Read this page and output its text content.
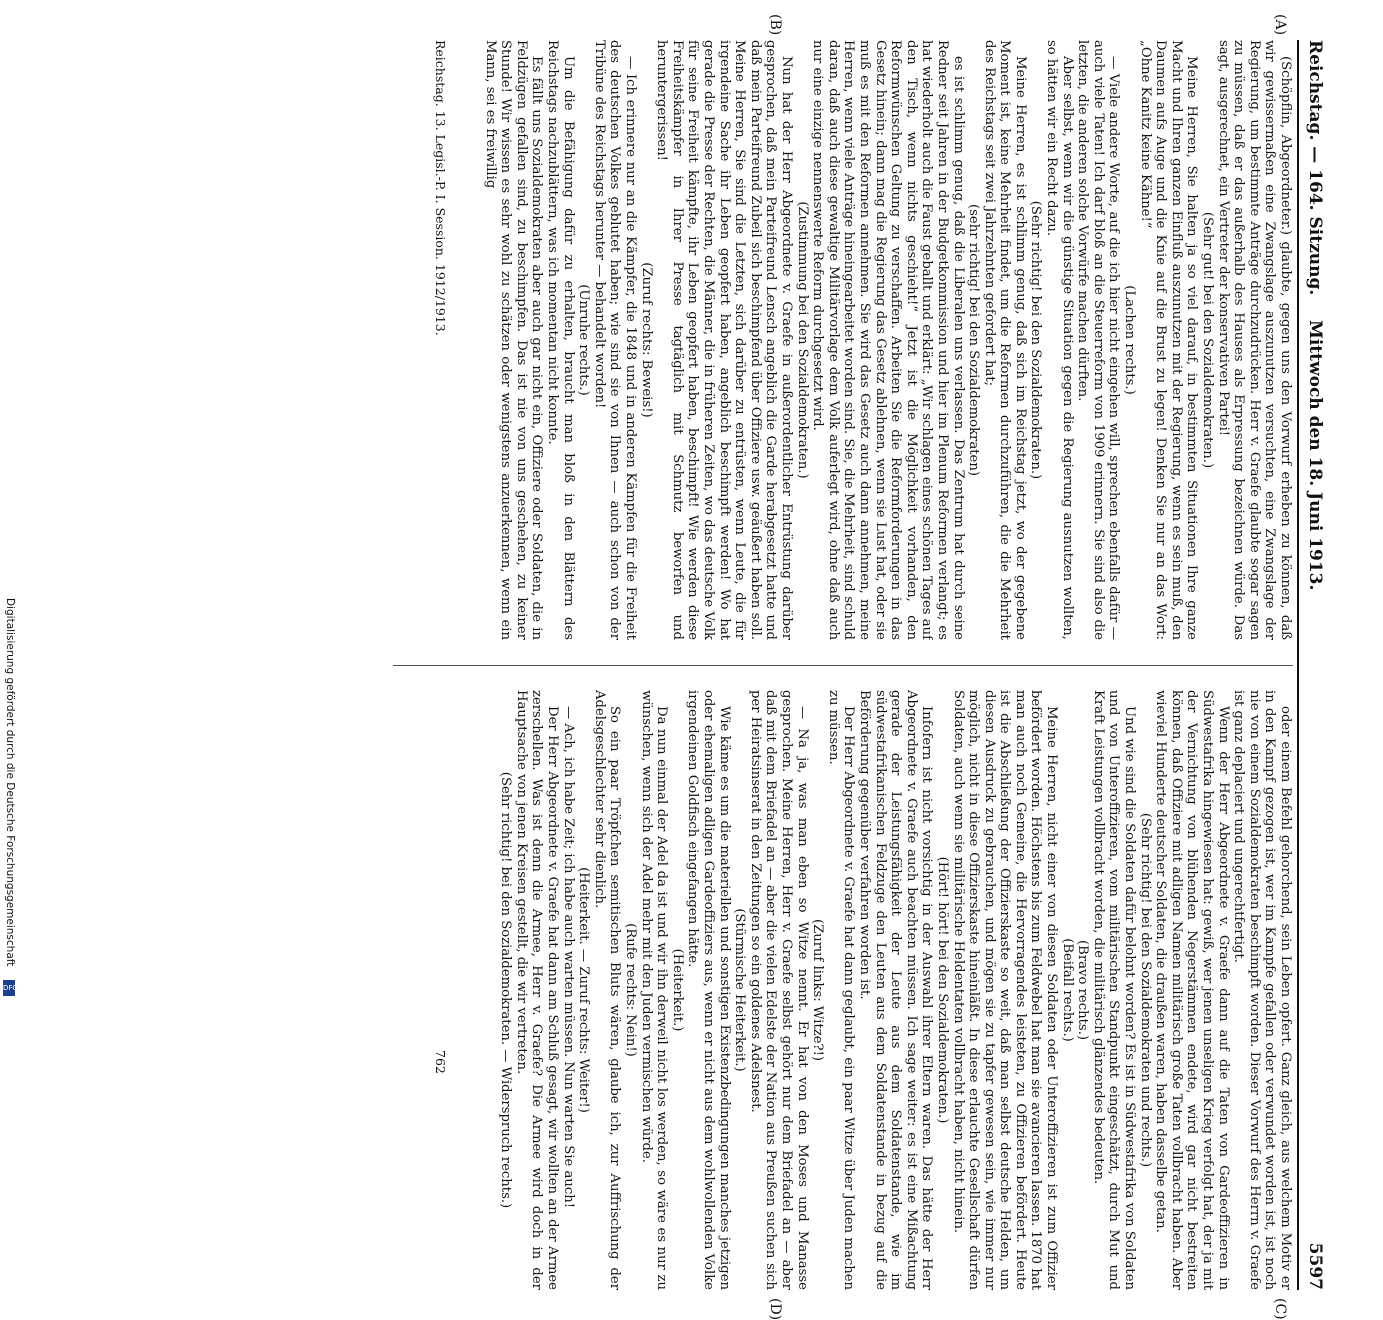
Reichstag. — 164. Sitzung.
Mittwoch den 18. Juni 1913.
5597
(A)
(B)
(C)
(D)

(Schöpflin, Abgeordneter.) glaubte, gegen uns den Vorwurf erheben zu können, daß wir gewissermaßen eine Zwangslage auszunutzen versuchten, eine Zwangslage der Regierung, um bestimmte Anträge durchzudrücken. Herr v. Graefe glaubte sogar sagen zu müssen, daß er das außerhalb des Hauses als Erpressung bezeichnen würde. Das sagt, ausgerechnet, ein Vertreter der konservativen Partei!

(Sehr gut! bei den Sozialdemokraten.)

Meine Herren, Sie halten ja so viel darauf, in bestimmten Situationen Ihre ganze Macht und Ihren ganzen Einfluß auszunutzen mit der Regierung, wenn es sein muß, den Daumen aufs Auge und die Knie auf die Brust zu legen! Denken Sie nur an das Wort: „Ohne Kanitz keine Kähne!“

(Lachen rechts.)

— Viele andere Worte, auf die ich hier nicht eingehen will, sprechen ebenfalls dafür — auch viele Taten! Ich darf bloß an die Steuerreform von 1909 erinnern. Sie sind also die letzten, die anderen solche Vorwürfe machen dürften.

Aber selbst, wenn wir die günstige Situation gegen die Regierung ausnutzen wollten, so hätten wir ein Recht dazu.

(Sehr richtig! bei den Sozialdemokraten.)

Meine Herren, es ist schlimm genug, daß sich im Reichstag jetzt, wo der gegebene Moment ist, keine Mehrheit findet, um die Reformen durchzuführen, die die Mehrheit des Reichstags seit zwei Jahrzehnten gefordert hat;

(sehr richtig! bei den Sozialdemokraten)

es ist schlimm genug, daß die Liberalen uns verlassen. Das Zentrum hat durch seine Redner seit Jahren in der Budgetkommission und hier im Plenum Reformen verlangt; es hat wiederholt auch die Faust geballt und erklärt: „Wir schlagen eines schönen Tages auf den Tisch, wenn nichts geschieht!“ Jetzt ist die Möglichkeit vorhanden, den Reformwünschen Geltung zu verschaffen. Arbeiten Sie die Reformforderungen in das Gesetz hinein; dann mag die Regierung das Gesetz ablehnen, wenn sie Lust hat, oder sie muß es mit den Reformen annehmen. Sie wird das Gesetz auch dann annehmen, meine Herren, wenn viele Anträge hineingearbeitet worden sind. Sie, die Mehrheit, sind schuld daran, daß auch diese gewaltige Militärvorlage dem Volk auferlegt wird, ohne daß auch nur eine einzige nennenswerte Reform durchgesetzt wird.

(Zustimmung bei den Sozialdemokraten.)

Nun hat der Herr Abgeordnete v. Graefe in außerordentlicher Entrüstung darüber gesprochen, daß mein Parteifreund Lensch angeblich die Garde herabgesetzt hatte und daß mein Parteifreund Zubeil sich beschimpfend über Offiziere usw. geäußert haben soll. Meine Herren, Sie sind die Letzten, sich darüber zu entrüsten, wenn Leute, die für irgendeine Sache ihr Leben geopfert haben, angeblich beschimpft werden! Wo hat gerade die Presse der Rechten, die Männer, die in früheren Zeiten, wo das deutsche Volk für seine Freiheit kämpfte, ihr Leben geopfert haben, beschimpft! Wie werden diese Freiheitskämpfer in Ihrer Presse tagtäglich mit Schmutz beworfen und heruntergerissen!

(Zuruf rechts: Beweis!)

— Ich erinnere nur an die Kämpfer, die 1848 und in anderen Kämpfen für die Freiheit des deutschen Volkes geblutet haben; wie sind sie von Ihnen — auch schon von der Tribüne des Reichstags herunter — behandelt worden!

(Unruhe rechts.)

Um die Befähigung dafür zu erhalten, braucht man bloß in den Blättern des Reichstags nachzublättern, was ich momentan nicht konnte.

Es fällt uns Sozialdemokraten aber auch gar nicht ein, Offiziere oder Soldaten, die in Feldzügen gefallen sind, zu beschimpfen. Das ist nie von uns geschehen, zu keiner Stunde! Wir wissen es sehr wohl zu schätzen oder wenigstens anzuerkennen, wenn ein Mann, sei es freiwillig

oder einem Befehl gehorchend, sein Leben opfert. Ganz gleich, aus welchem Motiv er in den Kampf gezogen ist, wer im Kampfe gefallen oder verwundet worden ist, ist noch nie von einem Sozialdemokraten beschimpft worden. Dieser Vorwurf des Herrn v. Graefe ist ganz deplaciert und ungerechtfertigt.

Wenn der Herr Abgeordnete v. Graefe dann auf die Taten von Gardeoffizieren in Südwestafrika hingewiesen hat: gewiß, wer jenen unseligen Krieg verfolgt hat, der ja mit der Vernichtung von blühenden Negerstämmen endete, wird gar nicht bestreiten können, daß Offiziere mit adligen Namen militärisch große Taten vollbracht haben. Aber wieviel Hunderte deutscher Soldaten, die draußen waren, haben dasselbe getan.

(Sehr richtig! bei den Sozialdemokraten und rechts.)

Und wie sind die Soldaten dafür belohnt worden? Es ist in Südwestafrika von Soldaten und von Unteroffizieren, vom militärischen Standpunkt eingeschätzt, durch Mut und Kraft Leistungen vollbracht worden, die militärisch glänzendes bedeuten.

(Bravo rechts.)

(Beifall rechts.)

Meine Herren, nicht einer von diesen Soldaten oder Unteroffizieren ist zum Offizier befördert worden. Höchstens bis zum Feldwebel hat man sie avancieren lassen. 1870 hat man auch noch Gemeine, die Hervorragendes leisteten, zu Offizieren befördert. Heute ist die Abschließung der Offizierskaste so weit, daß man selbst deutsche Helden, um diesen Ausdruck zu gebrauchen, und mögen sie zu tapfer gewesen sein, wie immer nur möglich, nicht in diese Offizierskaste hineinläßt. In diese erlauchte Gesellschaft dürfen Soldaten, auch wenn sie militärische Heldentaten vollbracht haben, nicht hinein.

(Hört! hört! bei den Sozialdemokraten.)

Infofern ist nicht vorsichtig in der Auswahl ihrer Eltern waren. Das hätte der Herr Abgeordnete v. Graefe auch beachten müssen. Ich sage weiter: es ist eine Mißachtung gerade der Leistungsfähigkeit der Leute aus dem Soldatenstande, wie im südwestafrikanischen Feldzuge den Leuten aus dem Soldatenstande in bezug auf die Beförderung gegenüber verfahren worden ist.

Der Herr Abgeordnete v. Graefe hat dann geglaubt, ein paar Witze über Juden machen zu müssen.

(Zuruf links: Witze?!)

— Na ja, was man eben so Witze nennt. Er hat von den Moses und Manasse gesprochen. Meine Herren, Herr v. Graefe selbst gehört nur dem Briefadel an — aber daß mit dem Briefadel an — aber die vielen Edelste der Nation aus Preußen suchen sich per Heiratsinserat in den Zeitungen so ein goldenes Adelsnest.

(Stürmische Heiterkeit.)

Wie käme es um die materiellen und sonstigen Existenzbedingungen manches jetzigen oder ehemaligen adligen Gardeoffiziers aus, wenn er nicht aus dem wohlwollenden Volke irgendeinen Goldfisch eingefangen hätte.

(Heiterkeit.)

Da nun einmal der Adel da ist und wir ihn derweil nicht los werden, so wäre es nur zu wünschen, wenn sich der Adel mehr mit den Juden vermischen würde.

(Rufe rechts: Nein!)

So ein paar Tröpfchen semitischen Bluts wären, glaube ich, zur Auffrischung der Adelsgeschlechter sehr dienlich.

(Heiterkeit. — Zuruf rechts: Weiter!)

— Ach, ich habe Zeit; ich habe auch warten müssen. Nun warten Sie auch!

Der Herr Abgeordnete v. Graefe hat dann am Schluß gesagt, wir wollten an der Armee zerschellen. Was ist denn die Armee, Herr v. Graefe? Die Armee wird doch in der Hauptsache von jenen Kreisen gestellt, die wir vertreten.

(Sehr richtig! bei den Sozialdemokraten. — Widerspruch rechts.)

Reichstag. 13. Legisl.-P. I. Session. 1912/1913.
762
Digitalisierung gefördert durch die Deutsche Forschungsgemeinschaft
DFG
